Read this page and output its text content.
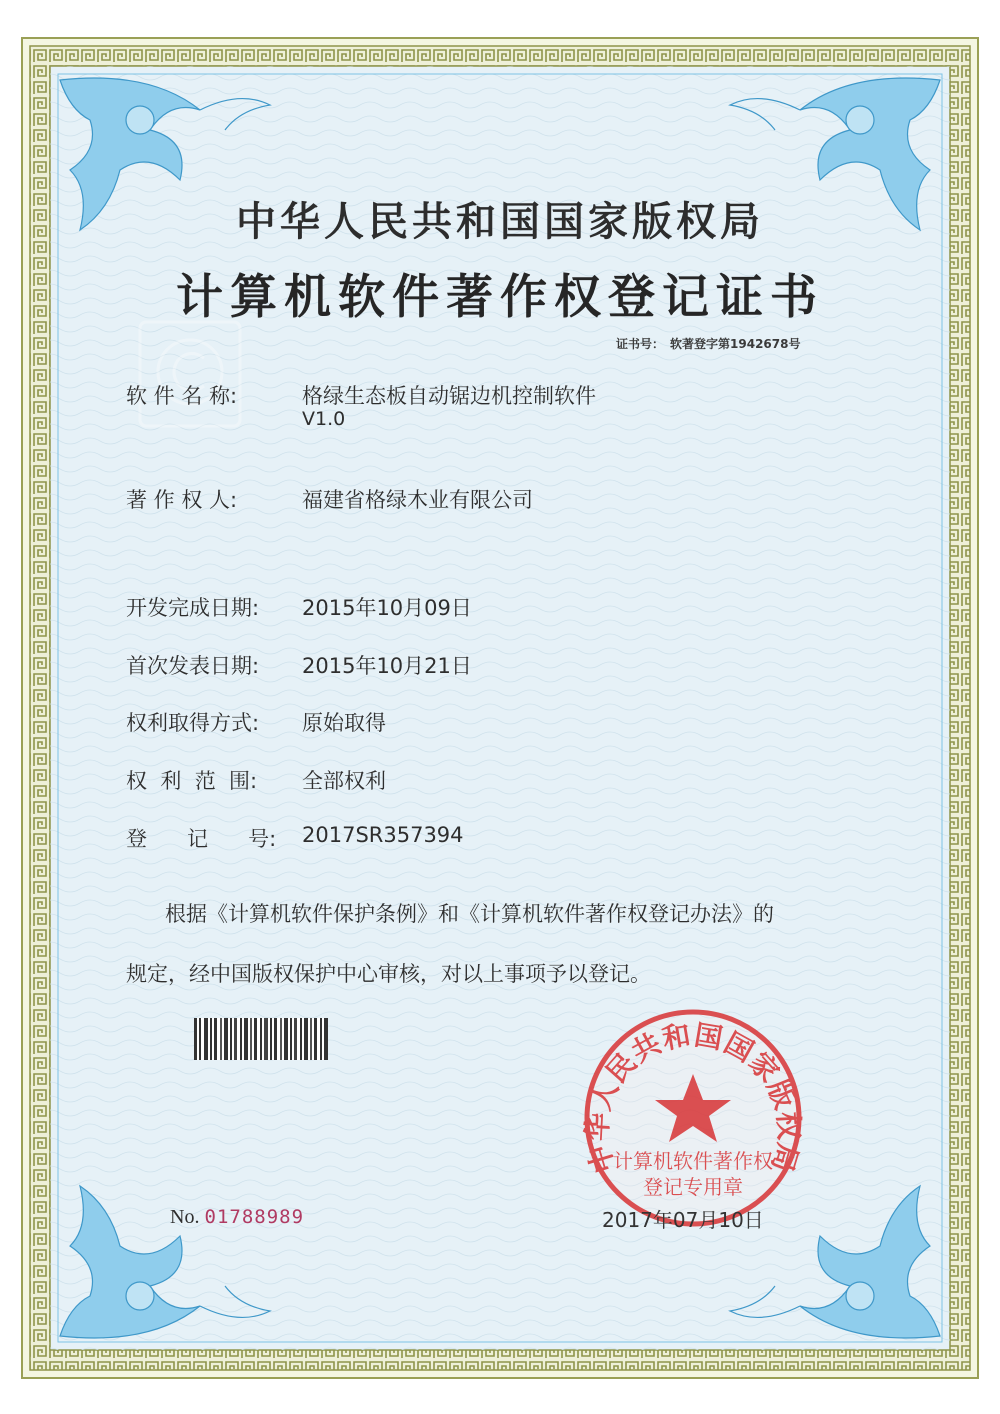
中华人民共和国国家版权局
计算机软件著作权
登记专用章
中华人民共和国国家版权局
计算机软件著作权登记证书
证书号： 软著登字第1942678号
软 件 名 称:	格绿生态板自动锯边机控制软件
V1.0
著 作 权 人:	福建省格绿木业有限公司
开发完成日期: 2015年10月09日
首次发表日期: 2015年10月21日
权利取得方式: 原始取得
权  利  范  围: 全部权利
登      记      号: 2017SR357394
根据《计算机软件保护条例》和《计算机软件著作权登记办法》的
规定，经中国版权保护中心审核，对以上事项予以登记。
No. 01788989	2017年07月10日
